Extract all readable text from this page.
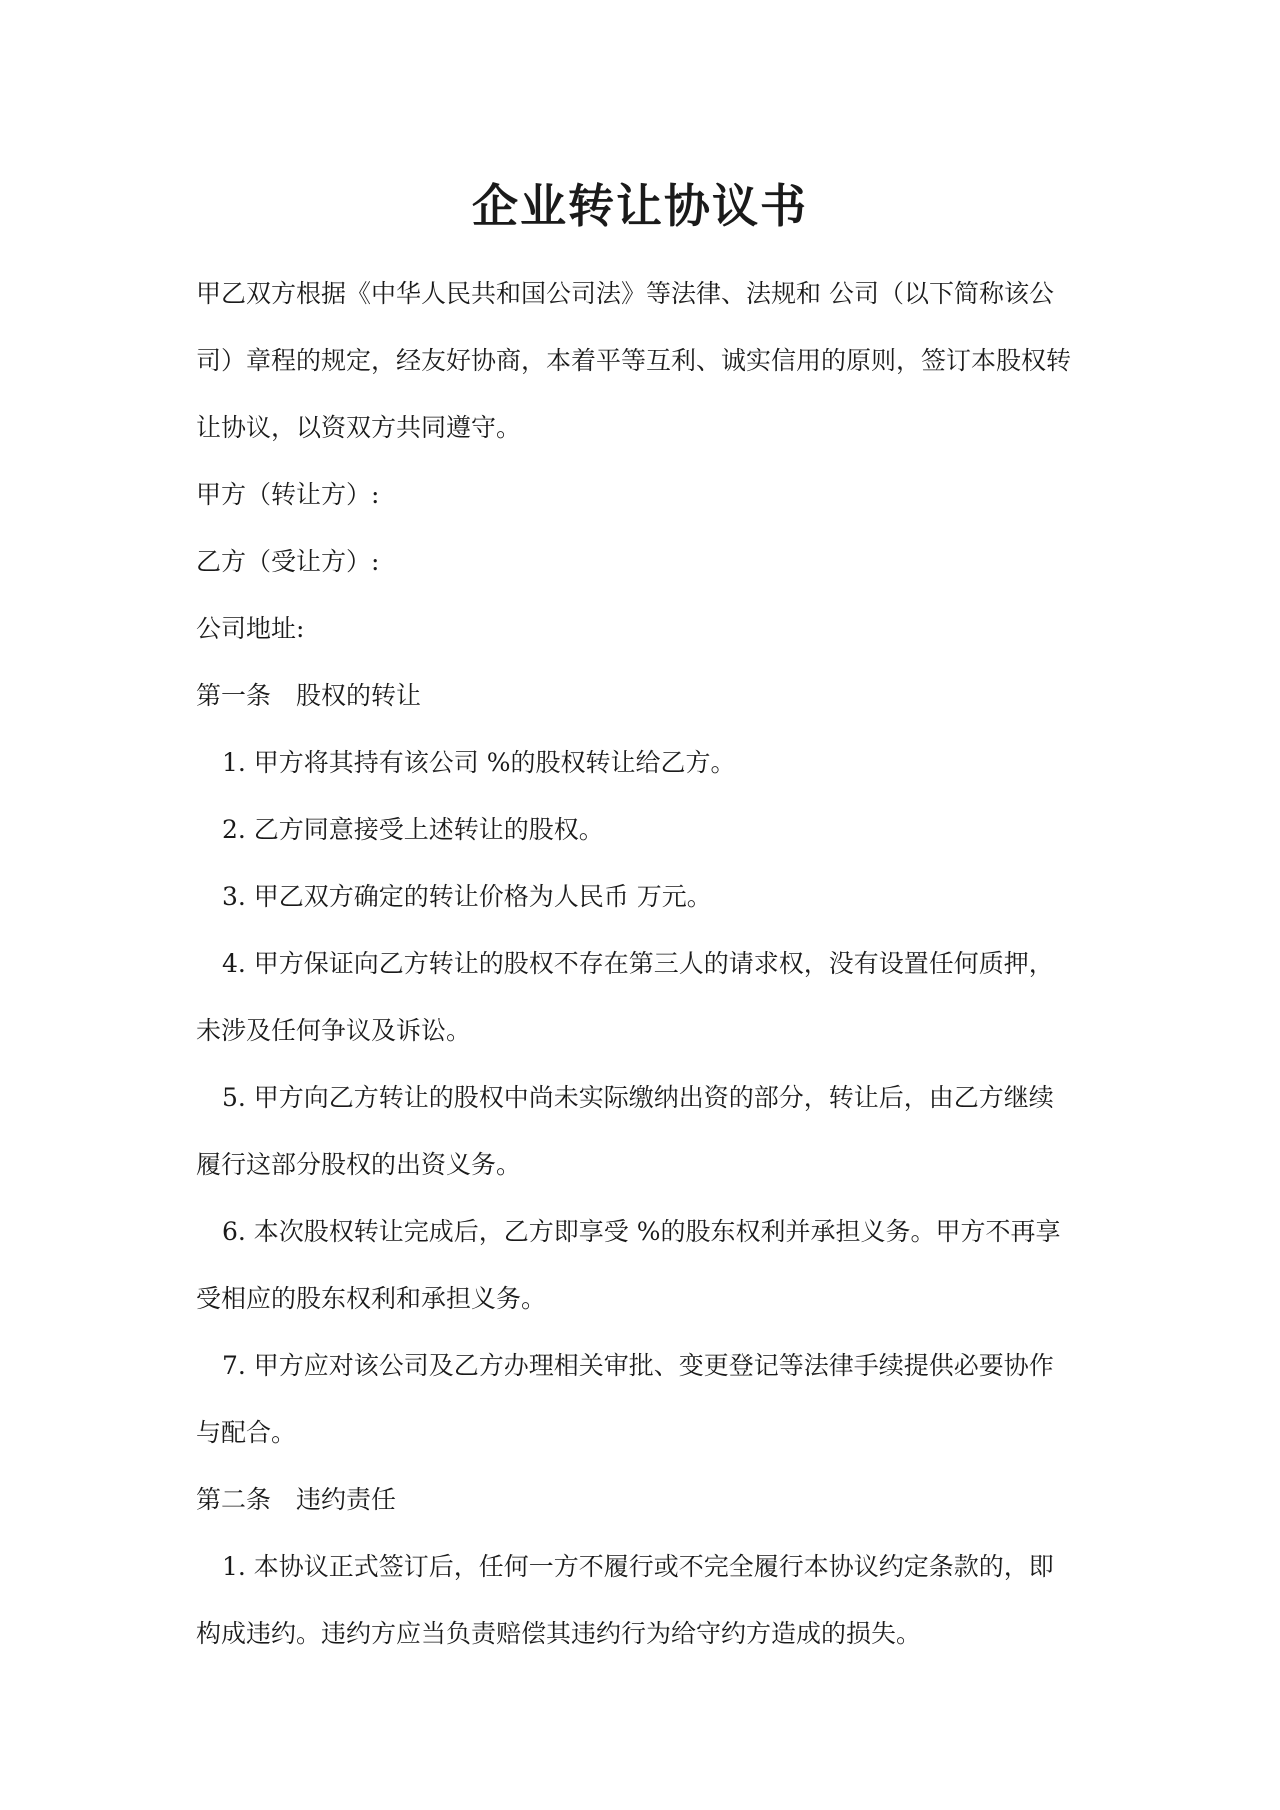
企业转让协议书
甲乙双方根据《中华人民共和国公司法》等法律、法规和 公司（以下简称该公
司）章程的规定，经友好协商，本着平等互利、诚实信用的原则，签订本股权转
让协议，以资双方共同遵守。
甲方（转让方）:
乙方（受让方）:
公司地址:
第一条　股权的转让
1. 甲方将其持有该公司 %的股权转让给乙方。
2. 乙方同意接受上述转让的股权。
3. 甲乙双方确定的转让价格为人民币 万元。
4. 甲方保证向乙方转让的股权不存在第三人的请求权，没有设置任何质押，
未涉及任何争议及诉讼。
5. 甲方向乙方转让的股权中尚未实际缴纳出资的部分，转让后，由乙方继续
履行这部分股权的出资义务。
6. 本次股权转让完成后，乙方即享受 %的股东权利并承担义务。甲方不再享
受相应的股东权利和承担义务。
7. 甲方应对该公司及乙方办理相关审批、变更登记等法律手续提供必要协作
与配合。
第二条　违约责任
1. 本协议正式签订后，任何一方不履行或不完全履行本协议约定条款的，即
构成违约。违约方应当负责赔偿其违约行为给守约方造成的损失。
